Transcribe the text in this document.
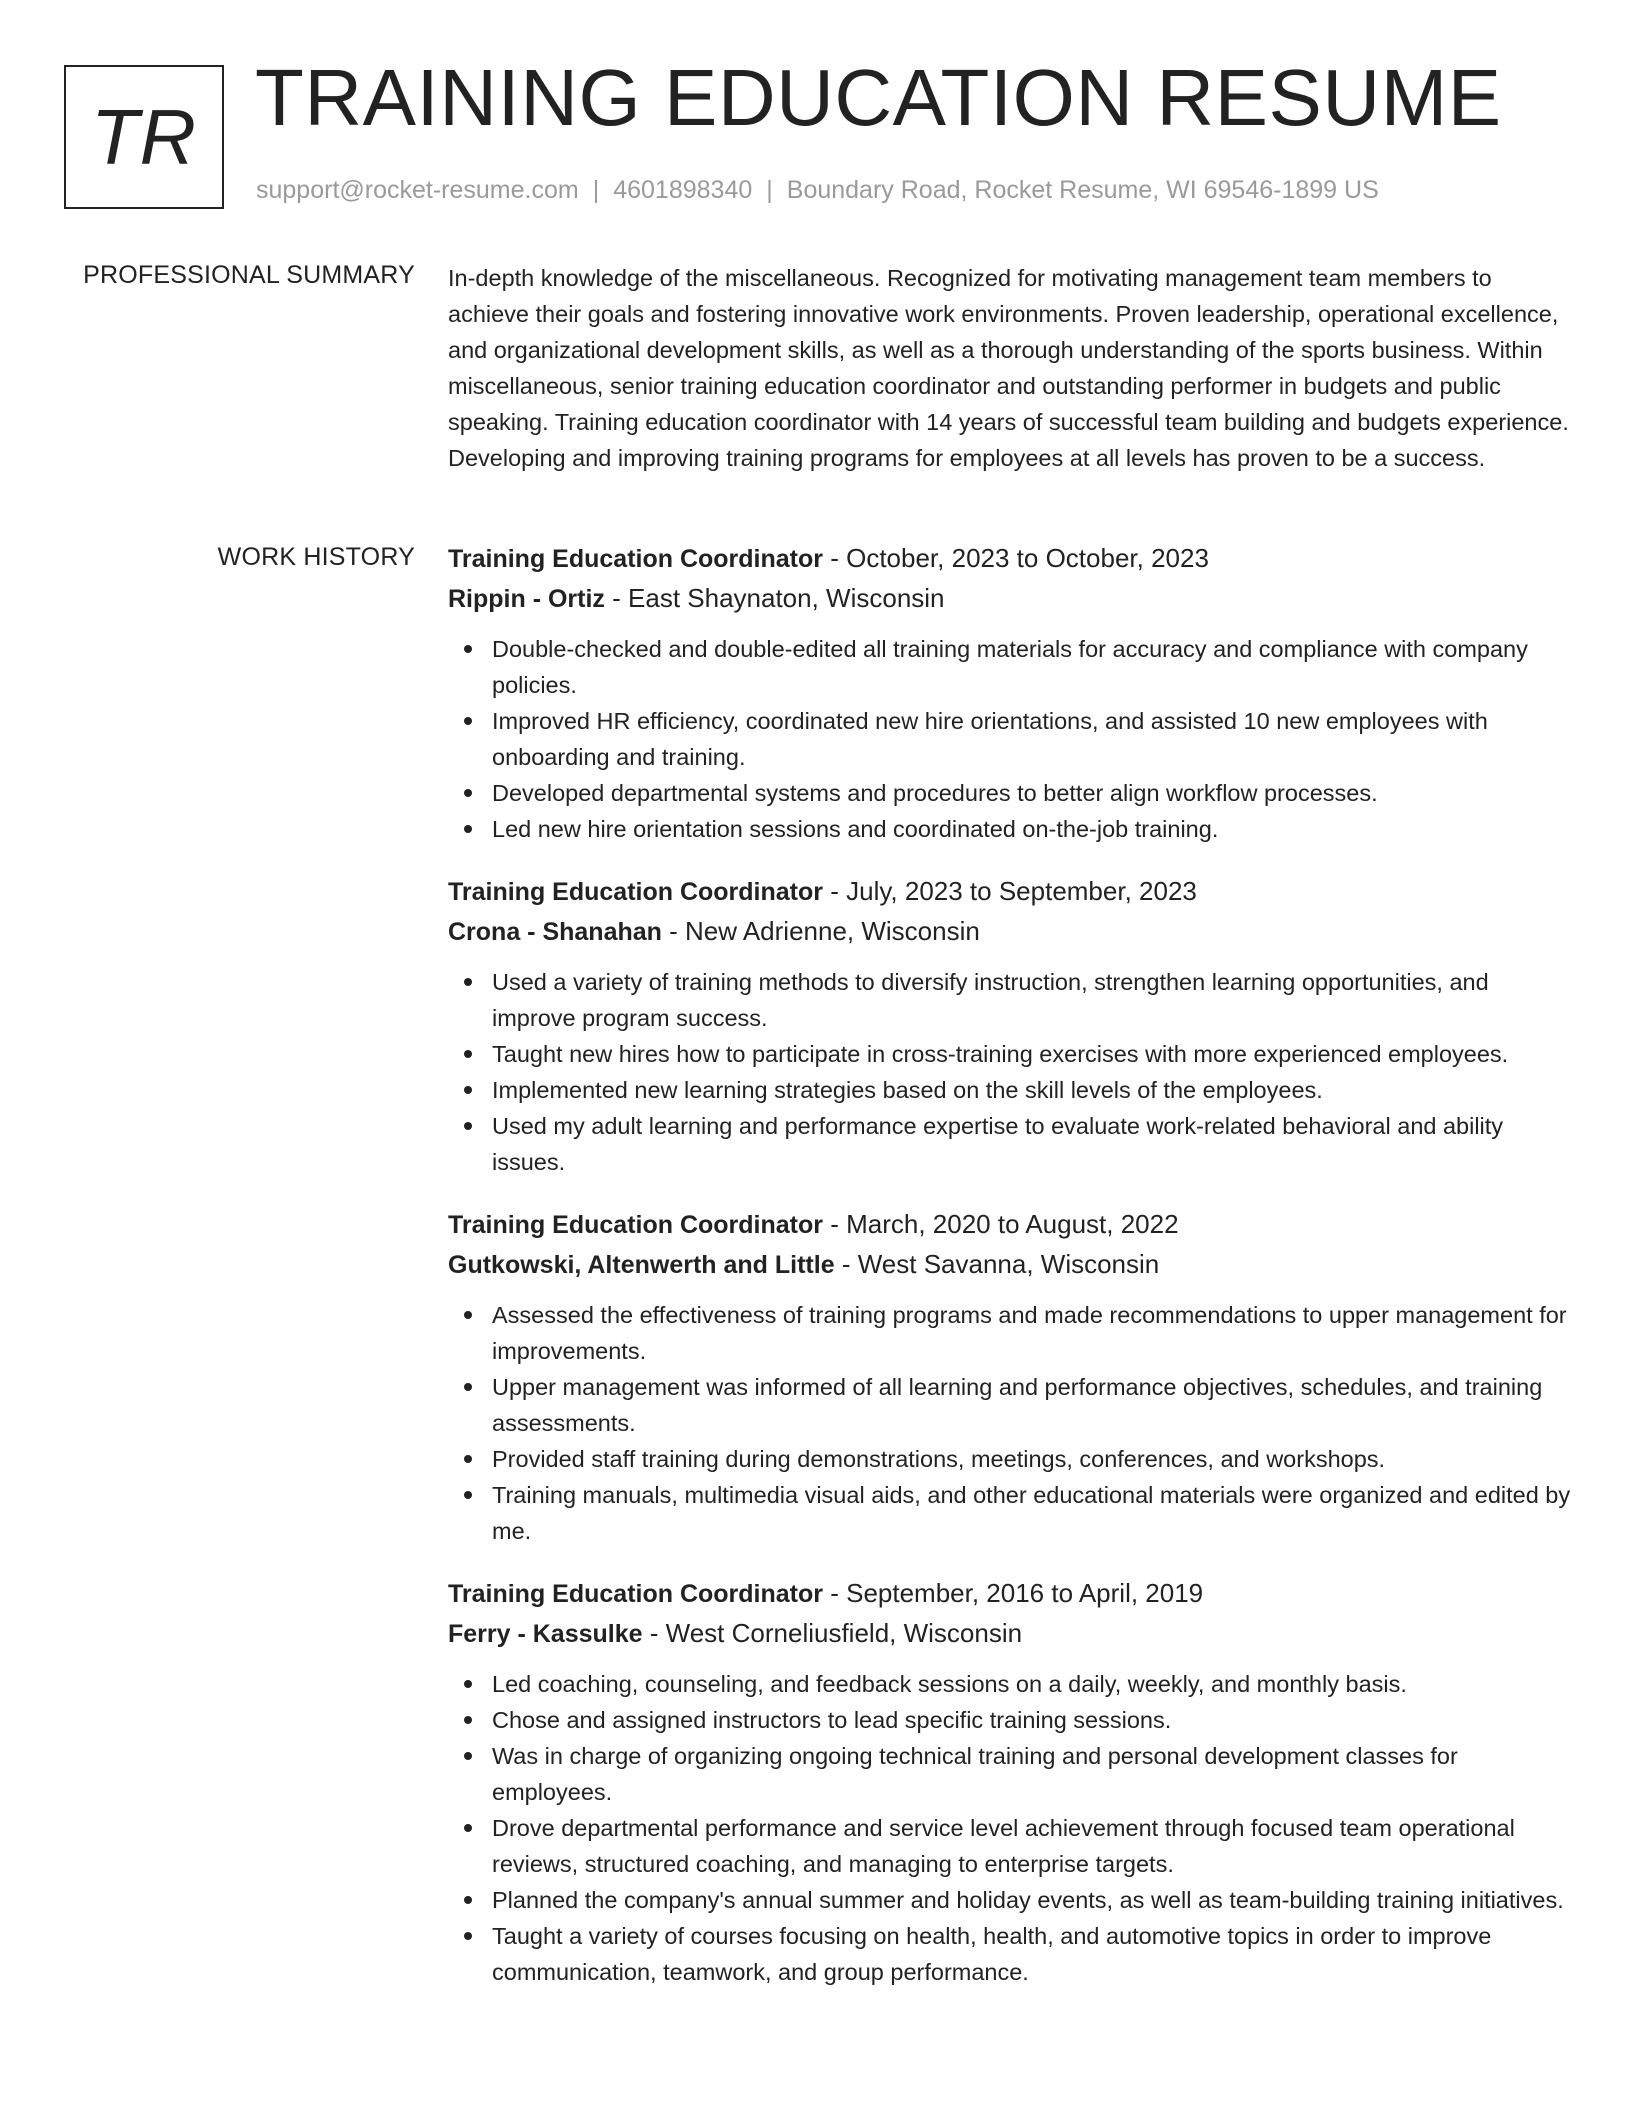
TR TRAINING EDUCATION RESUME
support@rocket-resume.com | 4601898340 | Boundary Road, Rocket Resume, WI 69546-1899 US
PROFESSIONAL SUMMARY In-depth knowledge of the miscellaneous. Recognized for motivating management team members to achieve their goals and fostering innovative work environments. Proven leadership, operational excellence, and organizational development skills, as well as a thorough understanding of the sports business. Within miscellaneous, senior training education coordinator and outstanding performer in budgets and public speaking. Training education coordinator with 14 years of successful team building and budgets experience. Developing and improving training programs for employees at all levels has proven to be a success.

WORK HISTORY Training Education Coordinator - October, 2023 to October, 2023
Rippin - Ortiz - East Shaynaton, Wisconsin
Double-checked and double-edited all training materials for accuracy and compliance with company policies.
Improved HR efficiency, coordinated new hire orientations, and assisted 10 new employees with onboarding and training.
Developed departmental systems and procedures to better align workflow processes.
Led new hire orientation sessions and coordinated on-the-job training.
Training Education Coordinator - July, 2023 to September, 2023
Crona - Shanahan - New Adrienne, Wisconsin
Used a variety of training methods to diversify instruction, strengthen learning opportunities, and improve program success.
Taught new hires how to participate in cross-training exercises with more experienced employees.
Implemented new learning strategies based on the skill levels of the employees.
Used my adult learning and performance expertise to evaluate work-related behavioral and ability issues.
Training Education Coordinator - March, 2020 to August, 2022
Gutkowski, Altenwerth and Little - West Savanna, Wisconsin
Assessed the effectiveness of training programs and made recommendations to upper management for improvements.
Upper management was informed of all learning and performance objectives, schedules, and training assessments.
Provided staff training during demonstrations, meetings, conferences, and workshops.
Training manuals, multimedia visual aids, and other educational materials were organized and edited by me.
Training Education Coordinator - September, 2016 to April, 2019
Ferry - Kassulke - West Corneliusfield, Wisconsin
Led coaching, counseling, and feedback sessions on a daily, weekly, and monthly basis.
Chose and assigned instructors to lead specific training sessions.
Was in charge of organizing ongoing technical training and personal development classes for employees.
Drove departmental performance and service level achievement through focused team operational reviews, structured coaching, and managing to enterprise targets.
Planned the company's annual summer and holiday events, as well as team-building training initiatives.
Taught a variety of courses focusing on health, health, and automotive topics in order to improve communication, teamwork, and group performance.
